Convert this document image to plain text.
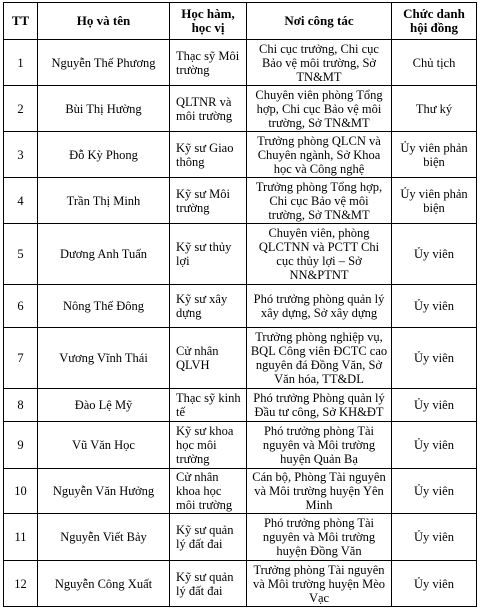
TT	Họ và tên	Học hàm, học vị	Nơi công tác	Chức danh hội đồng
1	Nguyễn Thế Phương	Thạc sỹ Môi trường	Chi cục trưởng, Chi cục Bảo vệ môi trường, Sở TN&MT	Chủ tịch
2	Bùi Thị Hường	QLTNR và môi trường	Chuyên viên phòng Tổng hợp, Chi cục Bảo vệ môi trường, Sở TN&MT	Thư ký
3	Đỗ Kỳ Phong	Kỹ sư Giao thông	Trưởng phòng QLCN và Chuyên ngành, Sở Khoa học và Công nghệ	Ủy viên phản biện
4	Trần Thị Minh	Kỹ sư Môi trường	Trưởng phòng Tổng hợp, Chi cục Bảo vệ môi trường, Sở TN&MT	Ủy viên phản biện
5	Dương Anh Tuấn	Kỹ sư thủy lợi	Chuyên viên, phòng QLCTNN và PCTT Chi cục thủy lợi – Sở NN&PTNT	Ủy viên
6	Nông Thế Đông	Kỹ sư xây dựng	Phó trưởng phòng quản lý xây dựng, Sở xây dựng	Ủy viên
7	Vương Vĩnh Thái	Cử nhân QLVH	Trưởng phòng nghiệp vụ, BQL Công viên ĐCTC cao nguyên đá Đồng Văn, Sở Văn hóa, TT&DL	Ủy viên
8	Đào Lệ Mỹ	Thạc sỹ kinh tế	Phó trưởng Phòng quản lý Đầu tư công, Sở KH&ĐT	Ủy viên
9	Vũ Văn Học	Kỹ sư khoa học môi trường	Phó trưởng phòng Tài nguyên và Môi trường huyện Quản Bạ	Ủy viên
10	Nguyễn Văn Hưởng	Cử nhân khoa học môi trường	Cán bộ, Phòng Tài nguyên và Môi trường huyện Yên Minh	Ủy viên
11	Nguyễn Viết Bảy	Kỹ sư quản lý đất đai	Phó trưởng phòng Tài nguyên và Môi trường huyện Đồng Văn	Ủy viên
12	Nguyễn Công Xuất	Kỹ sư quản lý đất đai	Trưởng phòng Tài nguyên và Môi trường huyện Mèo Vạc	Ủy viên
